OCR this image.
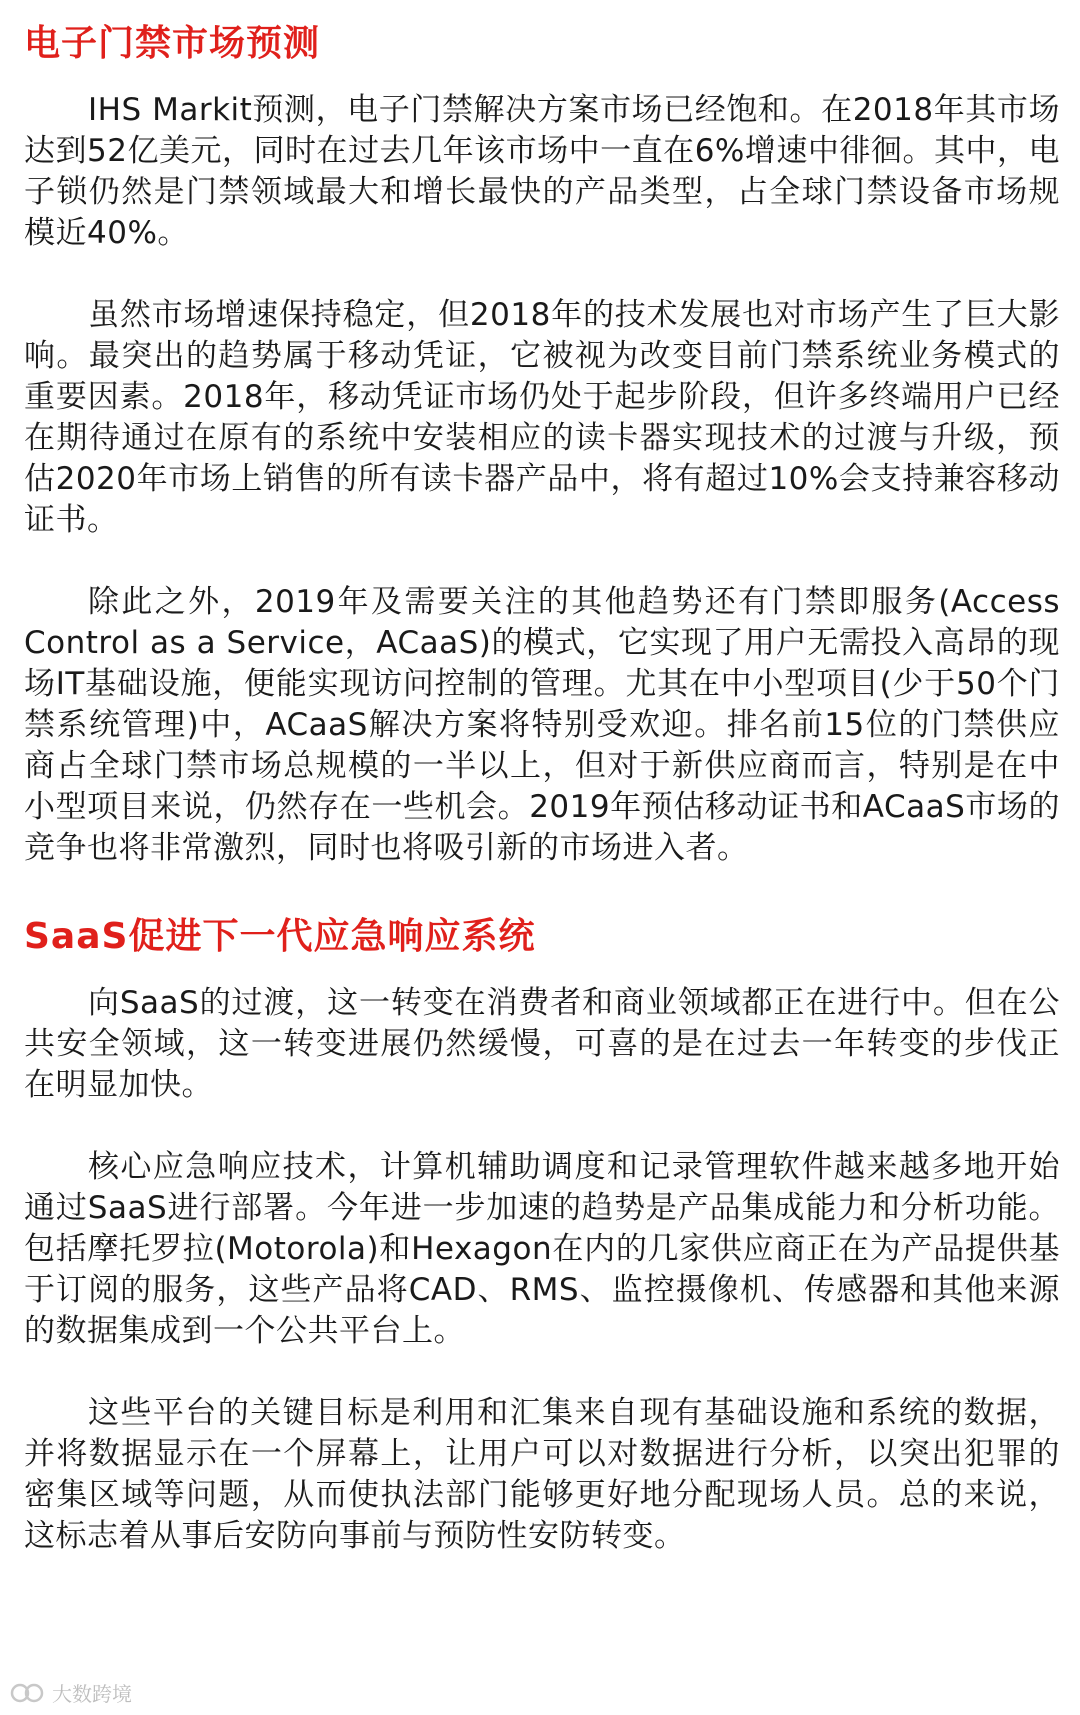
电子门禁市场预测

IHS Markit预测，电子门禁解决方案市场已经饱和。在2018年其市场达到52亿美元，同时在过去几年该市场中一直在6%增速中徘徊。其中，电子锁仍然是门禁领域最大和增长最快的产品类型，占全球门禁设备市场规模近40%。

虽然市场增速保持稳定，但2018年的技术发展也对市场产生了巨大影响。最突出的趋势属于移动凭证，它被视为改变目前门禁系统业务模式的重要因素。2018年，移动凭证市场仍处于起步阶段，但许多终端用户已经在期待通过在原有的系统中安装相应的读卡器实现技术的过渡与升级，预估2020年市场上销售的所有读卡器产品中，将有超过10%会支持兼容移动证书。

除此之外，2019年及需要关注的其他趋势还有门禁即服务(Access Control as a Service，ACaaS)的模式，它实现了用户无需投入高昂的现场IT基础设施，便能实现访问控制的管理。尤其在中小型项目(少于50个门禁系统管理)中，ACaaS解决方案将特别受欢迎。排名前15位的门禁供应商占全球门禁市场总规模的一半以上，但对于新供应商而言，特别是在中小型项目来说，仍然存在一些机会。2019年预估移动证书和ACaaS市场的竞争也将非常激烈，同时也将吸引新的市场进入者。

SaaS促进下一代应急响应系统

向SaaS的过渡，这一转变在消费者和商业领域都正在进行中。但在公共安全领域，这一转变进展仍然缓慢，可喜的是在过去一年转变的步伐正在明显加快。

核心应急响应技术，计算机辅助调度和记录管理软件越来越多地开始通过SaaS进行部署。今年进一步加速的趋势是产品集成能力和分析功能。包括摩托罗拉(Motorola)和Hexagon在内的几家供应商正在为产品提供基于订阅的服务，这些产品将CAD、RMS、监控摄像机、传感器和其他来源的数据集成到一个公共平台上。

这些平台的关键目标是利用和汇集来自现有基础设施和系统的数据，并将数据显示在一个屏幕上，让用户可以对数据进行分析，以突出犯罪的密集区域等问题，从而使执法部门能够更好地分配现场人员。总的来说，这标志着从事后安防向事前与预防性安防转变。

大数跨境
